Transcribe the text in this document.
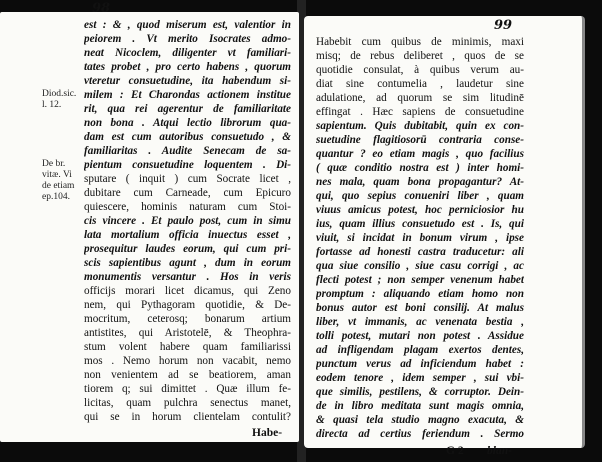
98
Diod.sic.
l. 12.
De br.
vitæ. Vi
de etiam
ep.104.
est : & , quod miserum est, valentior in
peiorem . Vt merito Isocrates admo-
neat Nicoclem, diligenter vt familiari-
tates probet , pro certo habens , quorum
vteretur consuetudine, ita habendum si-
milem : Et Charondas actionem institue
rit, qua rei agerentur de familiaritate
non bona . Atqui lectio librorum qua-
dam est cum autoribus consuetudo , &
familiaritas . Audite Senecam de sa-
pientum consuetudine loquentem . Di-
sputare ( inquit ) cum Socrate licet ,
dubitare cum Carneade, cum Epicuro
quiescere, hominis naturam cum Stoi-
cis vincere . Et paulo post, cum in simu
lata mortalium officia inuectus esset ,
prosequitur laudes eorum, qui cum pri-
scis sapientibus agunt , dum in eorum
monumentis versantur . Hos in veris
officijs morari licet dicamus, qui Zeno
nem, qui Pythagoram quotidie, & De-
mocritum, ceterosq; bonarum artium
antistites, qui Aristotelē, & Theophra-
stum volent habere quam familiarissi
mos . Nemo horum non vacabit, nemo
non venientem ad se beatiorem, aman
tiorem q; sui dimittet . Quæ illum fe-
licitas, quam pulchra senectus manet,
qui se in horum clientelam contulit?
Habe-
99
Habebit cum quibus de minimis, maxi
misq; de rebus deliberet , quos de se
quotidie consulat, à quibus verum au-
diat sine contumelia , laudetur sine
adulatione, ad quorum se sim litudinē
effingat . Hæc sapiens de consuetudine
sapientum. Quis dubitabit, quin ex con-
suetudine flagitiosorū contraria conse-
quantur ? eo etiam magis , quo facilius
( quæ conditio nostra est ) inter homi-
nes mala, quam bona propagantur? At-
qui, quo sepius conueniri liber , quam
viuus amicus potest, hoc perniciosior hu
ius, quam illius consuetudo est . Is, qui
viuit, si incidat in bonum virum , ipse
fortasse ad honesti castra traducetur: ali
qua siue consilio , siue casu corrigi , ac
flecti potest ; non semper venenum habet
promptum : aliquando etiam homo non
bonus autor est boni consilij. At malus
liber, vt immanis, ac venenata bestia ,
tolli potest, mutari non potest . Assidue
ad infligendam plagam exertos dentes,
punctum verus ad inficiendum habet :
eodem tenore , idem semper , sui vbi-
que similis, pestilens, & corruptor. Dein-
de in libro meditata sunt magis omnia,
& quasi tela studio magno exacuta, &
directa ad certius feriendum . Sermo
G 2 blan-
